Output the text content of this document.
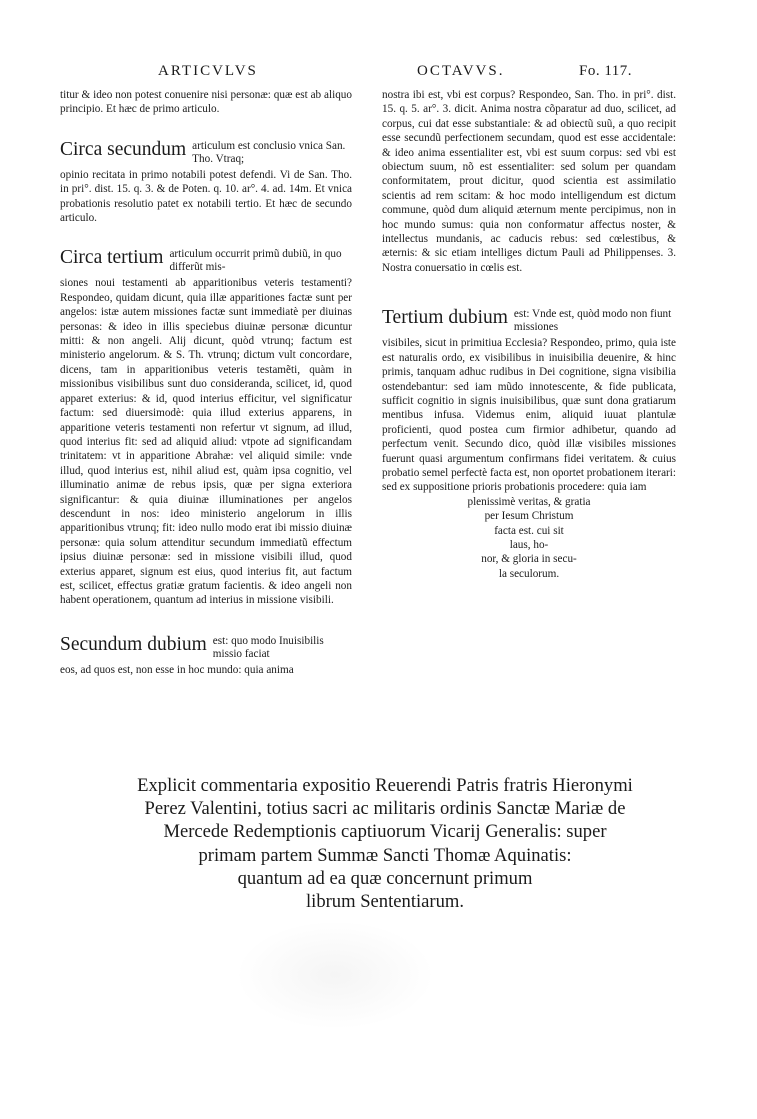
ARTICVLVS	OCTAVVS.	Fo. 117.

titur & ideo non potest conuenire nisi personæ: quæ est ab aliquo principio. Et hæc de primo articulo.

Circa secundum articulum est conclusio vnica San. Tho. Vtraq;

opinio recitata in primo notabili potest defendi. Vi de San. Tho. in pri°. dist. 15. q. 3. & de Poten. q. 10. ar°. 4. ad. 14m. Et vnica probationis resolutio patet ex notabili tertio. Et hæc de secundo articulo.

Circa tertium articulum occurrit primũ dubiũ, in quo differũt mis-

siones noui testamenti ab apparitionibus veteris testamenti? Respondeo, quidam dicunt, quia illæ apparitiones factæ sunt per angelos: istæ autem missiones factæ sunt immediatè per diuinas personas: & ideo in illis speciebus diuinæ personæ dicuntur mitti: & non angeli. Alij dicunt, quòd vtrunq; factum est ministerio angelorum. & S. Th. vtrunq; dictum vult concordare, dicens, tam in apparitionibus veteris testamẽti, quàm in missionibus visibilibus sunt duo consideranda, scilicet, id, quod apparet exterius: & id, quod interius efficitur, vel significatur factum: sed diuersimodè: quia illud exterius apparens, in apparitione veteris testamenti non refertur vt signum, ad illud, quod interius fit: sed ad aliquid aliud: vtpote ad significandam trinitatem: vt in apparitione Abrahæ: vel aliquid simile: vnde illud, quod interius est, nihil aliud est, quàm ipsa cognitio, vel illuminatio animæ de rebus ipsis, quæ per signa exteriora significantur: & quia diuinæ illuminationes per angelos descendunt in nos: ideo ministerio angelorum in illis apparitionibus vtrunq; fit: ideo nullo modo erat ibi missio diuinæ personæ: quia solum attenditur secundum immediatũ effectum ipsius diuinæ personæ: sed in missione visibili illud, quod exterius apparet, signum est eius, quod interius fit, aut factum est, scilicet, effectus gratiæ gratum facientis. & ideo angeli non habent operationem, quantum ad interius in missione visibili.

Secundum dubium est: quo modo Inuisibilis missio faciat

eos, ad quos est, non esse in hoc mundo: quia anima

nostra ibi est, vbi est corpus? Respondeo, San. Tho. in pri°. dist. 15. q. 5. ar°. 3. dicit. Anima nostra cõparatur ad duo, scilicet, ad corpus, cui dat esse substantiale: & ad obiectũ suũ, a quo recipit esse secundũ perfectionem secundam, quod est esse accidentale: & ideo anima essentialiter est, vbi est suum corpus: sed vbi est obiectum suum, nõ est essentialiter: sed solum per quandam conformitatem, prout dicitur, quod scientia est assimilatio scientis ad rem scitam: & hoc modo intelligendum est dictum commune, quòd dum aliquid æternum mente percipimus, non in hoc mundo sumus: quia non conformatur affectus noster, & intellectus mundanis, ac caducis rebus: sed cœlestibus, & æternis: & sic etiam intelliges dictum Pauli ad Philippenses. 3. Nostra conuersatio in cœlis est.

Tertium dubium est: Vnde est, quòd modo non fiunt missiones

visibiles, sicut in primitiua Ecclesia? Respondeo, primo, quia iste est naturalis ordo, ex visibilibus in inuisibilia deuenire, & hinc primis, tanquam adhuc rudibus in Dei cognitione, signa visibilia ostendebantur: sed iam mũdo innotescente, & fide publicata, sufficit cognitio in signis inuisibilibus, quæ sunt dona gratiarum mentibus infusa. Videmus enim, aliquid iuuat plantulæ proficienti, quod postea cum firmior adhibetur, quando ad perfectum venit. Secundo dico, quòd illæ visibiles missiones fuerunt quasi argumentum confirmans fidei veritatem. & cuius probatio semel perfectè facta est, non oportet probationem iterari: sed ex suppositione prioris probationis procedere: quia iam

plenissimè veritas, & gratia
per Iesum Christum
facta est. cui sit
laus, ho-
nor, & gloria in secu-
la seculorum.
Explicit commentaria expositio Reuerendi Patris fratris Hieronymi
Perez Valentini, totius sacri ac militaris ordinis Sanctæ Mariæ de
Mercede Redemptionis captiuorum Vicarij Generalis: super
primam partem Summæ Sancti Thomæ Aquinatis:
quantum ad ea quæ concernunt primum
librum Sententiarum.
